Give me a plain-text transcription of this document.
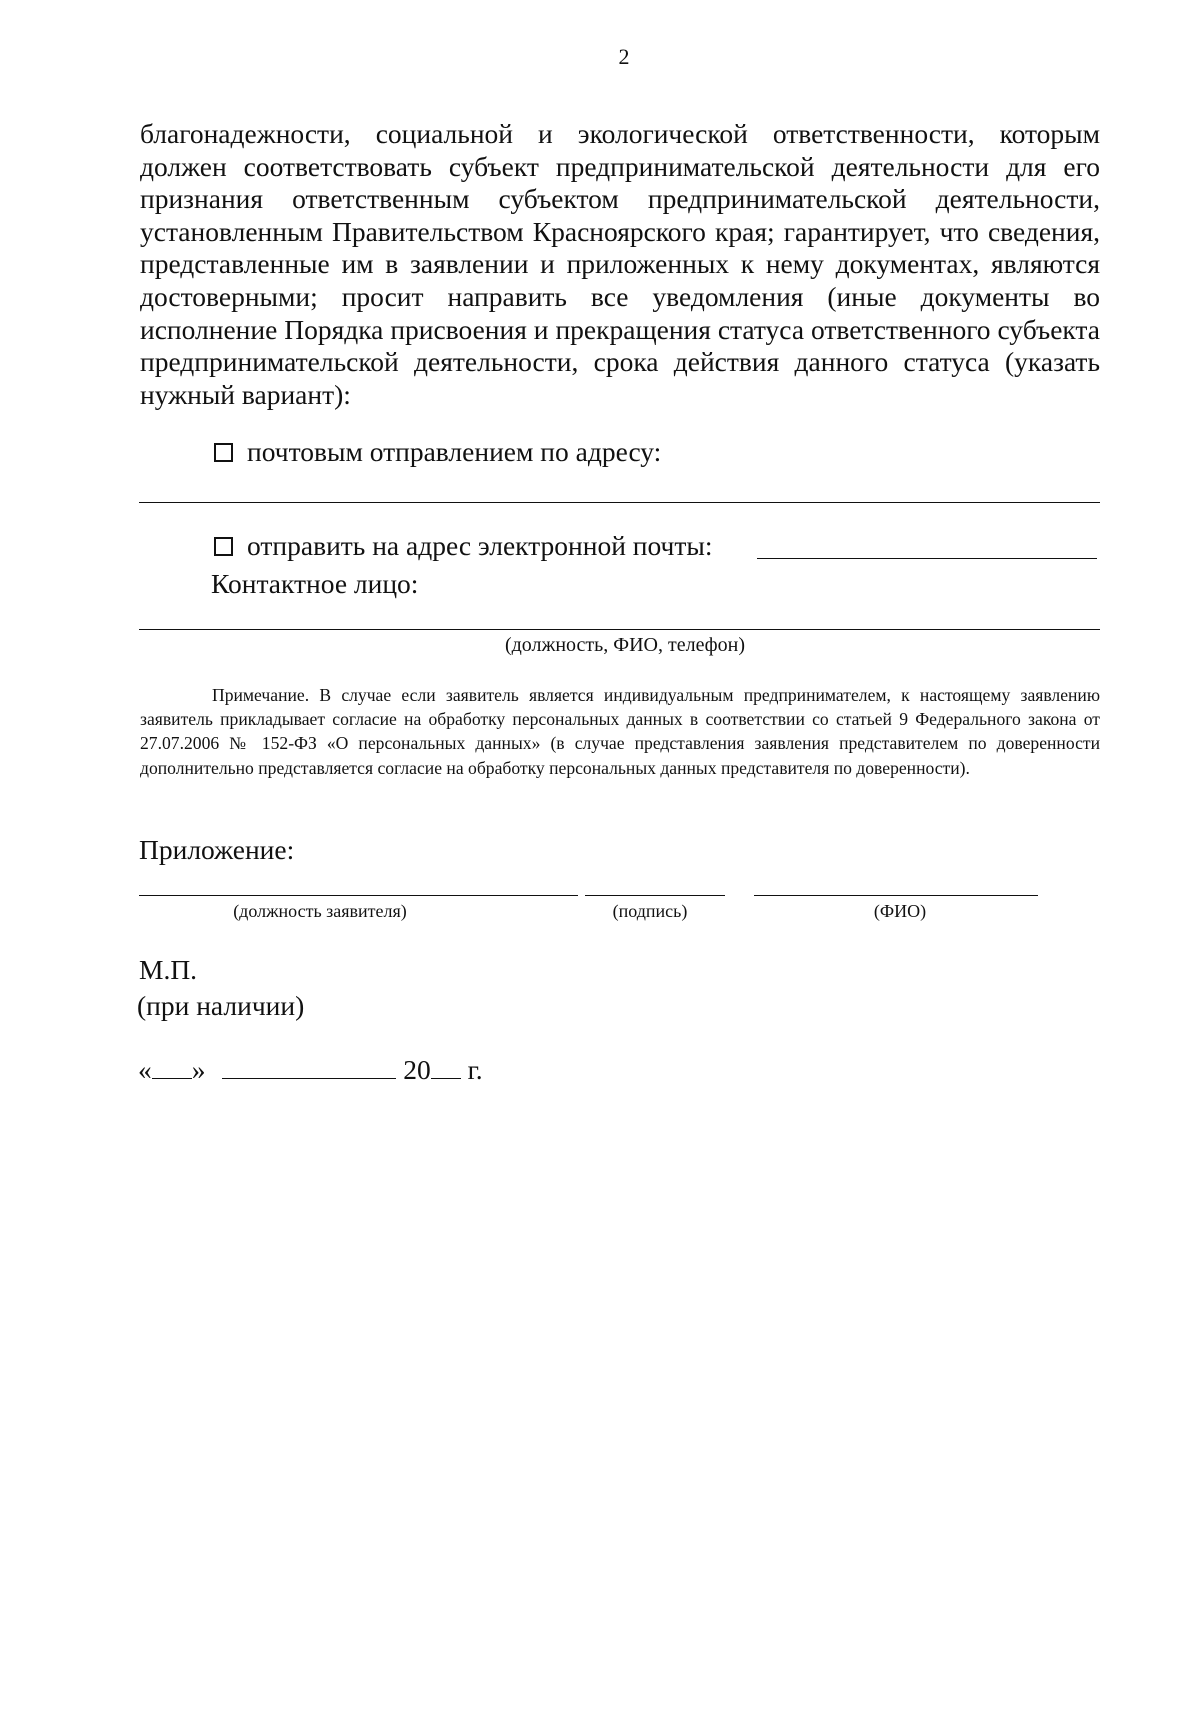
2

благонадежности, социальной и экологической ответственности, которым должен соответствовать субъект предпринимательской деятельности для его признания ответственным субъектом предпринимательской деятельности, установленным Правительством Красноярского края; гарантирует, что сведения, представленные им в заявлении и приложенных к нему документах, являются достоверными; просит направить все уведомления (иные документы во исполнение Порядка присвоения и прекращения статуса ответственного субъекта предпринимательской деятельности, срока действия данного статуса (указать нужный вариант):

почтовым отправлением по адресу:
отправить на адрес электронной почты:
Контактное лицо:
(должность, ФИО, телефон)

Примечание. В случае если заявитель является индивидуальным предпринимателем, к настоящему заявлению заявитель прикладывает согласие на обработку персональных данных в соответствии со статьей 9 Федерального закона от 27.07.2006 № 152-ФЗ «О персональных данных» (в случае представления заявления представителем по доверенности дополнительно представляется согласие на обработку персональных данных представителя по доверенности).

Приложение:
(должность заявителя)	(подпись)	(ФИО)
М.П.
(при наличии)
« »	20 г.
